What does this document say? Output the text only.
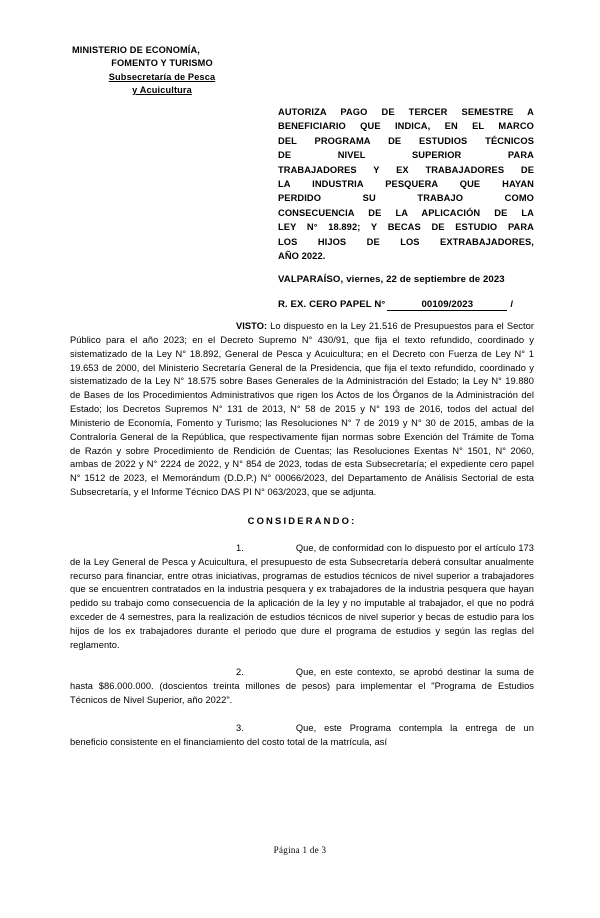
MINISTERIO DE ECONOMÍA,
FOMENTO Y TURISMO
Subsecretaría de Pesca
y Acuicultura
AUTORIZA PAGO DE TERCER SEMESTRE A
BENEFICIARIO QUE INDICA, EN EL MARCO
DEL PROGRAMA DE ESTUDIOS TÉCNICOS
DE NIVEL SUPERIOR PARA
TRABAJADORES Y EX TRABAJADORES DE
LA INDUSTRIA PESQUERA QUE HAYAN
PERDIDO SU TRABAJO COMO
CONSECUENCIA DE LA APLICACIÓN DE LA
LEY N° 18.892; Y BECAS DE ESTUDIO PARA
LOS HIJOS DE LOS EXTRABAJADORES,
AÑO 2022.
VALPARAÍSO, viernes, 22 de septiembre de 2023
R. EX. CERO PAPEL N°	00109/2023	/

VISTO: Lo dispuesto en la Ley 21.516 de Presupuestos para el Sector Público para el año 2023; en el Decreto Supremo N° 430/91, que fija el texto refundido, coordinado y sistematizado de la Ley N° 18.892, General de Pesca y Acuicultura; en el Decreto con Fuerza de Ley N° 1 19.653 de 2000, del Ministerio Secretaría General de la Presidencia, que fija el texto refundido, coordinado y sistematizado de la Ley N° 18.575 sobre Bases Generales de la Administración del Estado; la Ley N° 19.880 de Bases de los Procedimientos Administrativos que rigen los Actos de los Órganos de la Administración del Estado; los Decretos Supremos N° 131 de 2013, N° 58 de 2015 y N° 193 de 2016, todos del actual del Ministerio de Economía, Fomento y Turismo; las Resoluciones N° 7 de 2019 y N° 30 de 2015, ambas de la Contraloría General de la República, que respectivamente fijan normas sobre Exención del Trámite de Toma de Razón y sobre Procedimiento de Rendición de Cuentas; las Resoluciones Exentas N° 1501, N° 2060, ambas de 2022 y N° 2224 de 2022, y N° 854 de 2023, todas de esta Subsecretaría; el expediente cero papel N° 1512 de 2023, el Memorándum (D.D.P.) N° 00066/2023, del Departamento de Análisis Sectorial de esta Subsecretaría, y el Informe Técnico DAS PI N° 063/2023, que se adjunta.

CONSIDERANDO:

1.	Que, de conformidad con lo dispuesto por el artículo 173 de la Ley General de Pesca y Acuicultura, el presupuesto de esta Subsecretaría deberá consultar anualmente recurso para financiar, entre otras iniciativas, programas de estudios técnicos de nivel superior a trabajadores que se encuentren contratados en la industria pesquera y ex trabajadores de la industria pesquera que hayan pedido su trabajo como consecuencia de la aplicación de la ley y no imputable al trabajador, el que no podrá exceder de 4 semestres, para la realización de estudios técnicos de nivel superior y becas de estudio para los hijos de los ex trabajadores durante el periodo que dure el programa de estudios y según las reglas del reglamento.

2.	Que, en este contexto, se aprobó destinar la suma de hasta $86.000.000. (doscientos treinta millones de pesos) para implementar el "Programa de Estudios Técnicos de Nivel Superior, año 2022".

3.	Que, este Programa contempla la entrega de un beneficio consistente en el financiamiento del costo total de la matrícula, así

Página 1 de 3
